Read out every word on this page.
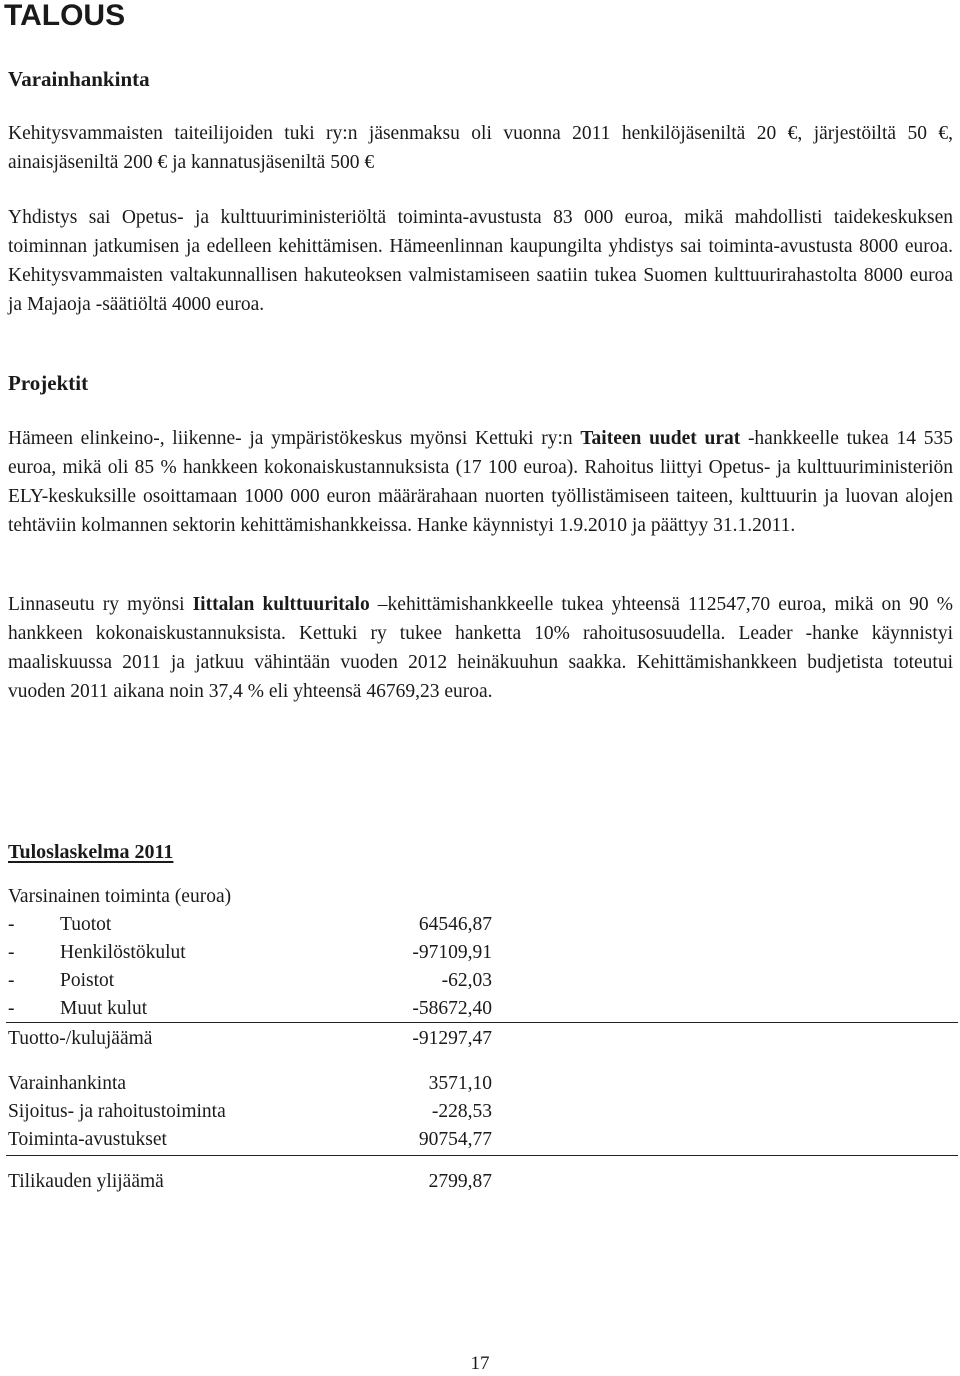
TALOUS
Varainhankinta
Kehitysvammaisten taiteilijoiden tuki ry:n jäsenmaksu oli vuonna 2011 henkilöjäseniltä 20 €, järjestöiltä 50 €, ainaisjäseniltä 200 € ja kannatusjäseniltä 500 €
Yhdistys sai Opetus- ja kulttuuriministeriöltä toiminta-avustusta 83 000 euroa, mikä mahdollisti taidekeskuksen toiminnan jatkumisen ja edelleen kehittämisen. Hämeenlinnan kaupungilta yhdistys sai toiminta-avustusta 8000 euroa. Kehitysvammaisten valtakunnallisen hakuteoksen valmistamiseen saatiin tukea Suomen kulttuurirahastolta 8000 euroa ja Majaoja -säätiöltä 4000 euroa.
Projektit
Hämeen elinkeino-, liikenne- ja ympäristökeskus myönsi Kettuki ry:n Taiteen uudet urat -hankkeelle tukea 14 535 euroa, mikä oli 85 % hankkeen kokonaiskustannuksista (17 100 euroa). Rahoitus liittyi Opetus- ja kulttuuriministeriön ELY-keskuksille osoittamaan 1000 000 euron määrärahaan nuorten työllistämiseen taiteen, kulttuurin ja luovan alojen tehtäviin kolmannen sektorin kehittämishankkeissa. Hanke käynnistyi 1.9.2010 ja päättyy 31.1.2011.
Linnaseutu ry myönsi Iittalan kulttuuritalo –kehittämishankkeelle tukea yhteensä 112547,70 euroa, mikä on 90 % hankkeen kokonaiskustannuksista. Kettuki ry tukee hanketta 10% rahoitusosuudella. Leader -hanke käynnistyi maaliskuussa 2011 ja jatkuu vähintään vuoden 2012 heinäkuuhun saakka. Kehittämishankkeen budjetista toteutui vuoden 2011 aikana noin 37,4 % eli yhteensä 46769,23 euroa.
Tuloslaskelma 2011
Varsinainen toiminta (euroa)
- Tuotot	64546,87
- Henkilöstökulut	-97109,91
- Poistot	-62,03
- Muut kulut	-58672,40
Tuotto-/kulujäämä	-91297,47
Varainhankinta	3571,10
Sijoitus- ja rahoitustoiminta	-228,53
Toiminta-avustukset	90754,77
Tilikauden ylijäämä	2799,87
17
